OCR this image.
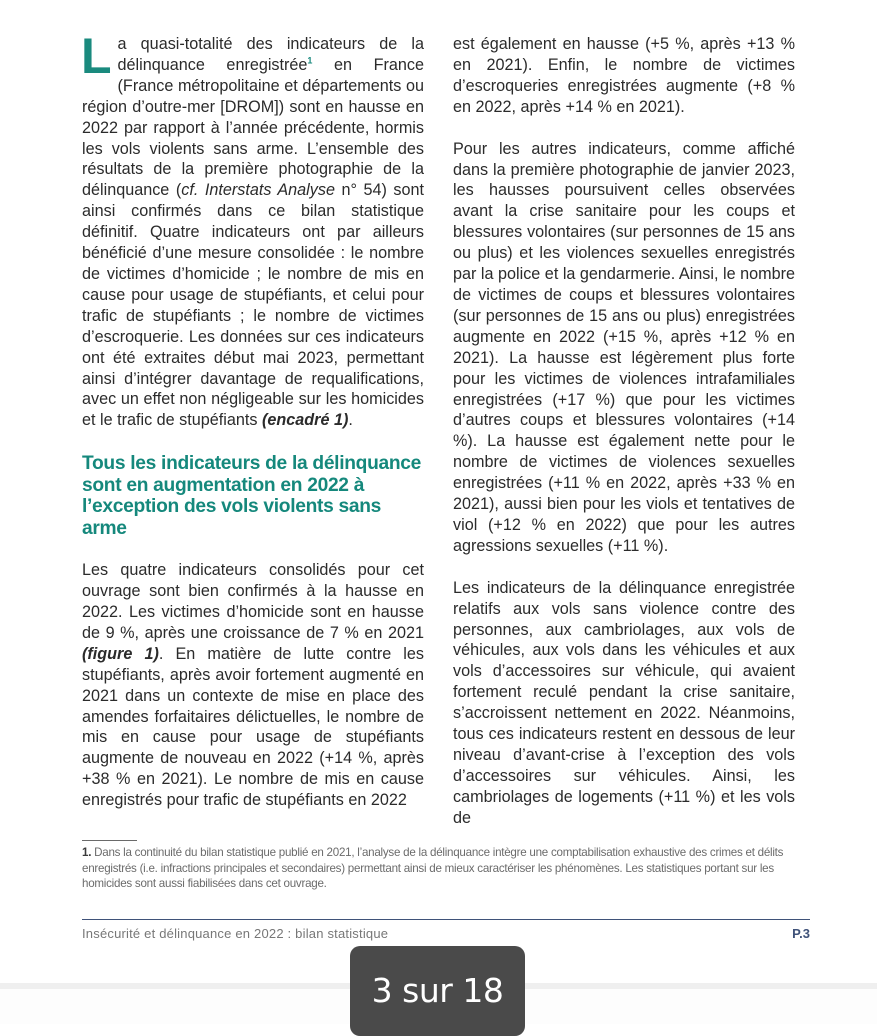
La quasi-totalité des indicateurs de la délinquance enregistrée$^1$ en France (France métropolitaine et départements ou région d’outre-mer [DROM]) sont en hausse en 2022 par rapport à l’année précédente, hormis les vols violents sans arme. L’ensemble des résultats de la première photographie de la délinquance (cf. Interstats Analyse n° 54) sont ainsi confirmés dans ce bilan statistique définitif. Quatre indicateurs ont par ailleurs bénéficié d’une mesure consolidée : le nombre de victimes d’homicide ; le nombre de mis en cause pour usage de stupéfiants, et celui pour trafic de stupéfiants ; le nombre de victimes d’escroquerie. Les données sur ces indicateurs ont été extraites début mai 2023, permettant ainsi d’intégrer davantage de requalifications, avec un effet non négligeable sur les homicides et le trafic de stupéfiants (encadré 1).

Tous les indicateurs de la délinquance sont en augmentation en 2022 à l’exception des vols violents sans arme

Les quatre indicateurs consolidés pour cet ouvrage sont bien confirmés à la hausse en 2022. Les victimes d’homicide sont en hausse de 9 %, après une croissance de 7 % en 2021 (figure 1). En matière de lutte contre les stupéfiants, après avoir fortement augmenté en 2021 dans un contexte de mise en place des amendes forfaitaires délictuelles, le nombre de mis en cause pour usage de stupéfiants augmente de nouveau en 2022 (+14 %, après +38 % en 2021). Le nombre de mis en cause enregistrés pour trafic de stupéfiants en 2022

est également en hausse (+5 %, après +13 % en 2021). Enfin, le nombre de victimes d’escroqueries enregistrées augmente (+8 % en 2022, après +14 % en 2021).

Pour les autres indicateurs, comme affiché dans la première photographie de janvier 2023, les hausses poursuivent celles observées avant la crise sanitaire pour les coups et blessures volontaires (sur personnes de 15 ans ou plus) et les violences sexuelles enregistrés par la police et la gendarmerie. Ainsi, le nombre de victimes de coups et blessures volontaires (sur personnes de 15 ans ou plus) enregistrées augmente en 2022 (+15 %, après +12 % en 2021). La hausse est légèrement plus forte pour les victimes de violences intrafamiliales enregistrées (+17 %) que pour les victimes d’autres coups et blessures volontaires (+14 %). La hausse est également nette pour le nombre de victimes de violences sexuelles enregistrées (+11 % en 2022, après +33 % en 2021), aussi bien pour les viols et tentatives de viol (+12 % en 2022) que pour les autres agressions sexuelles (+11 %).

Les indicateurs de la délinquance enregistrée relatifs aux vols sans violence contre des personnes, aux cambriolages, aux vols de véhicules, aux vols dans les véhicules et aux vols d’accessoires sur véhicule, qui avaient fortement reculé pendant la crise sanitaire, s’accroissent nettement en 2022. Néanmoins, tous ces indicateurs restent en dessous de leur niveau d’avant-crise à l’exception des vols d’accessoires sur véhicules. Ainsi, les cambriolages de logements (+11 %) et les vols de

1. Dans la continuité du bilan statistique publié en 2021, l’analyse de la délinquance intègre une comptabilisation exhaustive des crimes et délits enregistrés (i.e. infractions principales et secondaires) permettant ainsi de mieux caractériser les phénomènes. Les statistiques portant sur les homicides sont aussi fiabilisées dans cet ouvrage.
Insécurité et délinquance en 2022 : bilan statistique	P.3
3 sur 18
